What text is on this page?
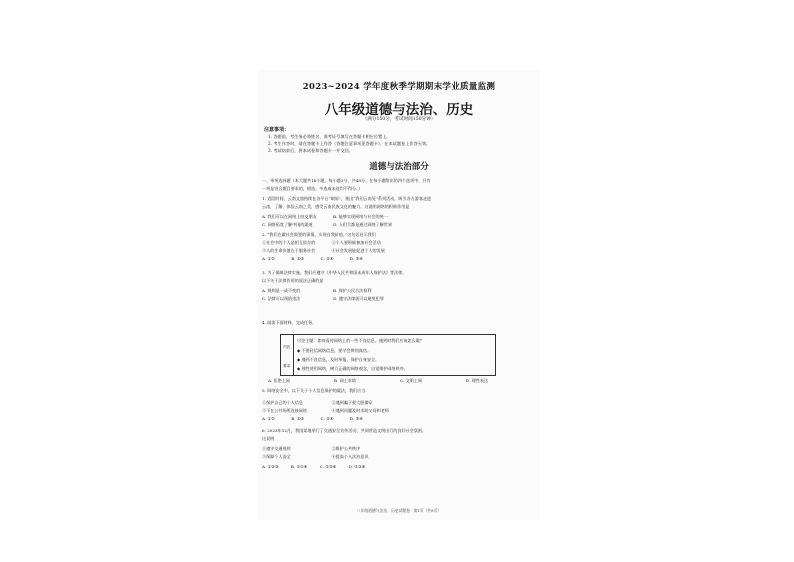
2023~2024 学年度秋季学期期末学业质量监测
八年级道德与法治、历史
（满分150分，考试时间150分钟）
注意事项：
1. 答题前，考生务必将姓名、准考证号填写在答题卡相应位置上。
2. 考生作答时，请在答题卡上作答（答题注意事项见答题卡），在本试题卷上作答无效。
3. 考试结束后，将本试卷和答题卡一并交回。
道德与法治部分
一、单项选择题（本大题共16小题，每小题3分，共48分。在每小题给出的四个选项中，只有
一项是符合题目要求的，错选、多选或未选均不得分。）
1. 近段时间，云南文旅持续在各平台“刷屏”，推出“我们云南见”系列活动，吸引各方游客走进
云南，了解、体验云南之美，感受云南民族文化的魅力。这说明网络的积极作用是
A. 我们可以在网络上结交朋友　　　　B. 能够实现网络与社会的统一
C. 网络拓宽了解中国的渠道　　　　　D. 人们大都是通过网络了解世界
2. “我们在做社会需要的事情，实现自我价值。”这句话启示我们
①社会中的个人是相互依存的　　　　②个人要积极参加社会活动
③人的生命价值在于服务社会　　　　④社会发展能促进个人的发展
A. ①②　　　　B. ①③　　　　C. ②④　　　　D. ③④
3. 为了保障法律实施，我们应遵守《中华人民共和国未成年人保护法》等法律，
以下关于法律作用的说法正确的是
A. 规则是一成不变的　　　　　　　　B. 保护公民合法权利
C. 法律可以预防违法　　　　　　　　D. 遵守法律就可以避免犯罪
4. 阅读下面材料，完成任务。
内容
要求
讨论主题：如何看待网络上的一些不良信息，遇到时我们应该怎么做？
◆ 不要轻信网络信息，要学会辨别真伪。
◆ 遇到不良信息，及时举报，保护自身安全。
◆ 理性使用网络，树立正确的网络观念，自觉维护网络秩序。
A. 拒绝上网	B. 网上求助	C. 文明上网	D. 理性表达
5. 网络安全中，以下关于个人信息保护的做法，我们应当：
①保护自己的个人信息　　　　　　　②遇到骗子要大胆揭穿
③不在公共场所连接网络　　　　　　④遇到问题及时求助父母和老师
A. ①②　　　　B. ①③　　　　C. ②④　　　　D. ③④
6. 2023年12月，我国某地举行了交通安全宣传活动，共同营造文明出行的良好社会氛围。
这说明
①遵守交通规则　　　　　　　　　　②维护公共秩序
③保障个人安全　　　　　　　　　　④提高个人法治意识
A. ①②③　　　B. ①②④　　　C. ①③④　　　D. ②③④
八年级道德与法治、历史试题卷 · 第1页（共8页）
